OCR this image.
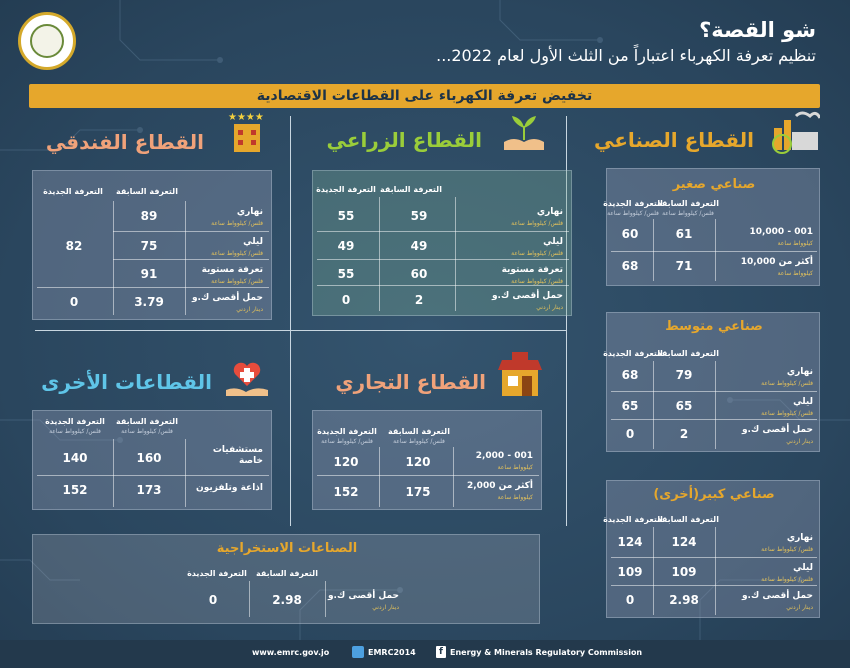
شو القصة؟
تنظيم تعرفة الكهرباء اعتباراً من الثلث الأول لعام 2022...
تخفيض تعرفة الكهرباء على القطاعات الاقتصادية
القطاع الصناعي
صناعي صغير
التعرفة السابقة
فلس/ كيلوواط ساعة
التعرفة الجديدة
فلس/ كيلوواط ساعة
001 - 10,000
كيلوواط ساعة
61
60
أكثر من 10,000
كيلوواط ساعة
71
68
صناعي متوسط
التعرفة السابقة
التعرفة الجديدة
نهاري
فلس/ كيلوواط ساعة
79
68
ليلي
فلس/ كيلوواط ساعة
65
65
حمل أقصى ك.و
دينار اردني
2
0
صناعي كبير(أخرى)
التعرفة السابقة
التعرفة الجديدة
نهاري
فلس/ كيلوواط ساعة
124
124
ليلي
فلس/ كيلوواط ساعة
109
109
حمل أقصى ك.و
دينار اردني
2.98
0
القطاع الزراعي
التعرفة السابقة
التعرفة الجديدة
نهاري
فلس/ كيلوواط ساعة
59
55
ليلي
فلس/ كيلوواط ساعة
49
49
تعرفة مستوية
فلس/ كيلوواط ساعة
60
55
حمل أقصى ك.و
دينار اردني
2
0
★★★★
القطاع الفندقي
التعرفة السابقة
التعرفة الجديدة
نهاري
فلس/ كيلوواط ساعة
89
ليلي
فلس/ كيلوواط ساعة
75
82
تعرفة مستوية
فلس/ كيلوواط ساعة
91
حمل أقصى ك.و
دينار اردني
3.79
0
القطاع التجاري
التعرفة السابقة
فلس/ كيلوواط ساعة
التعرفة الجديدة
فلس/ كيلوواط ساعة
001 - 2,000
كيلوواط ساعة
120
120
أكثر من 2,000
كيلوواط ساعة
175
152
القطاعات الأخرى
التعرفة السابقة
فلس/ كيلوواط ساعة
التعرفة الجديدة
فلس/ كيلوواط ساعة
مستشفيات خاصة
160
140
اذاعة وتلفزيون
173
152
الصناعات الاستخراجية
التعرفة السابقة
التعرفة الجديدة
حمل أقصى ك.و
دينار اردني
2.98
0
www.emrc.gov.jo	EMRC2014	f Energy & Minerals Regulatory Commission
